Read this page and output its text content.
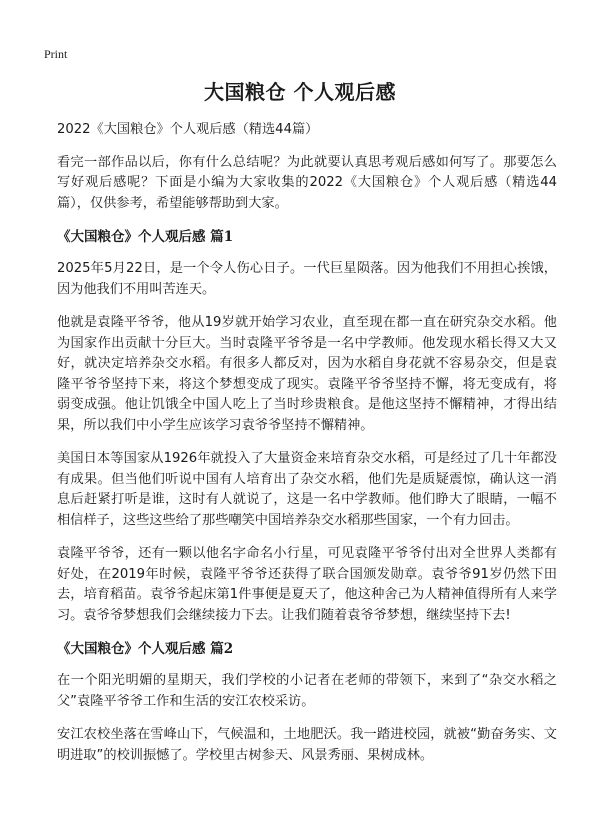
Print
大国粮仓 个人观后感

2022《大国粮仓》个人观后感（精选44篇）

看完一部作品以后，你有什么总结呢？为此就要认真思考观后感如何写了。那要怎么写好观后感呢？下面是小编为大家收集的2022《大国粮仓》个人观后感（精选44篇），仅供参考，希望能够帮助到大家。

《大国粮仓》个人观后感 篇1

2025年5月22日，是一个令人伤心日子。一代巨星陨落。因为他我们不用担心挨饿，因为他我们不用叫苦连天。

他就是袁隆平爷爷，他从19岁就开始学习农业，直至现在都一直在研究杂交水稻。他为国家作出贡献十分巨大。当时袁隆平爷爷是一名中学教师。他发现水稻长得又大又好，就决定培养杂交水稻。有很多人都反对，因为水稻自身花就不容易杂交，但是袁隆平爷爷坚持下来，将这个梦想变成了现实。袁隆平爷爷坚持不懈，将无变成有，将弱变成强。他让饥饿全中国人吃上了当时珍贵粮食。是他这坚持不懈精神，才得出结果，所以我们中小学生应该学习袁爷爷坚持不懈精神。

美国日本等国家从1926年就投入了大量资金来培育杂交水稻，可是经过了几十年都没有成果。但当他们听说中国有人培育出了杂交水稻，他们先是质疑震惊，确认这一消息后赶紧打听是谁，这时有人就说了，这是一名中学教师。他们睁大了眼睛，一幅不相信样子，这些这些给了那些嘲笑中国培养杂交水稻那些国家，一个有力回击。

袁隆平爷爷，还有一颗以他名字命名小行星，可见袁隆平爷爷付出对全世界人类都有好处，在2019年时候，袁隆平爷爷还获得了联合国颁发勋章。袁爷爷91岁仍然下田去，培育稻苗。袁爷爷起床第1件事便是夏天了，他这种舍己为人精神值得所有人来学习。袁爷爷梦想我们会继续接力下去。让我们随着袁爷爷梦想，继续坚持下去!

《大国粮仓》个人观后感 篇2

在一个阳光明媚的星期天，我们学校的小记者在老师的带领下，来到了“杂交水稻之父”袁隆平爷爷工作和生活的安江农校采访。

安江农校坐落在雪峰山下，气候温和，土地肥沃。我一踏进校园，就被“勤奋务实、文明进取”的校训振憾了。学校里古树参天、风景秀丽、果树成林。
